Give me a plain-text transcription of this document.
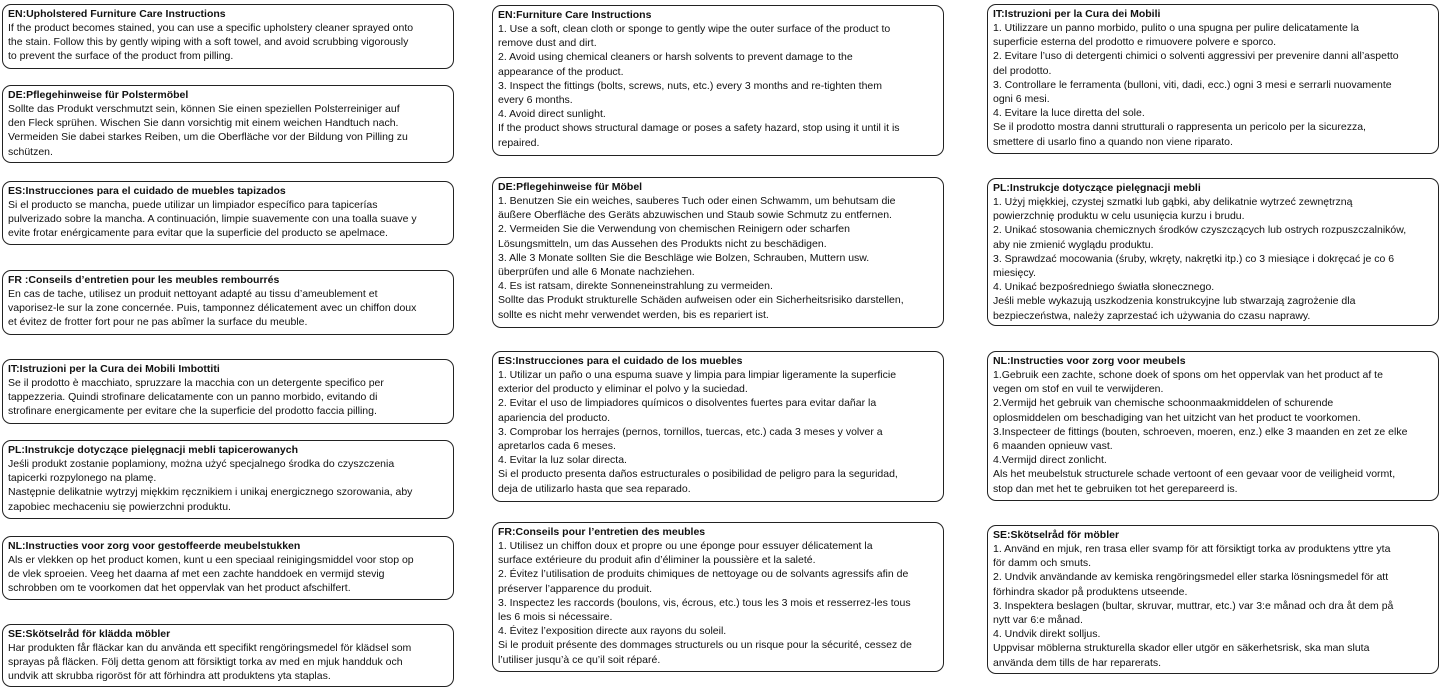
EN:Upholstered Furniture Care Instructions
If the product becomes stained, you can use a specific upholstery cleaner sprayed onto
the stain. Follow this by gently wiping with a soft towel, and avoid scrubbing vigorously
to prevent the surface of the product from pilling.
DE:Pflegehinweise für Polstermöbel
Sollte das Produkt verschmutzt sein, können Sie einen speziellen Polsterreiniger auf
den Fleck sprühen. Wischen Sie dann vorsichtig mit einem weichen Handtuch nach.
Vermeiden Sie dabei starkes Reiben, um die Oberfläche vor der Bildung von Pilling zu
schützen.
ES:Instrucciones para el cuidado de muebles tapizados
Si el producto se mancha, puede utilizar un limpiador específico para tapicerías
pulverizado sobre la mancha. A continuación, limpie suavemente con una toalla suave y
evite frotar enérgicamente para evitar que la superficie del producto se apelmace.
FR :Conseils d’entretien pour les meubles rembourrés
En cas de tache, utilisez un produit nettoyant adapté au tissu d’ameublement et
vaporisez-le sur la zone concernée. Puis, tamponnez délicatement avec un chiffon doux
et évitez de frotter fort pour ne pas abîmer la surface du meuble.
IT:Istruzioni per la Cura dei Mobili Imbottiti
Se il prodotto è macchiato, spruzzare la macchia con un detergente specifico per
tappezzeria. Quindi strofinare delicatamente con un panno morbido, evitando di
strofinare energicamente per evitare che la superficie del prodotto faccia pilling.
PL:Instrukcje dotyczące pielęgnacji mebli tapicerowanych
Jeśli produkt zostanie poplamiony, można użyć specjalnego środka do czyszczenia
tapicerki rozpylonego na plamę.
Następnie delikatnie wytrzyj miękkim ręcznikiem i unikaj energicznego szorowania, aby
zapobiec mechaceniu się powierzchni produktu.
NL:Instructies voor zorg voor gestoffeerde meubelstukken
Als er vlekken op het product komen, kunt u een speciaal reinigingsmiddel voor stop op
de vlek sproeien. Veeg het daarna af met een zachte handdoek en vermijd stevig
schrobben om te voorkomen dat het oppervlak van het product afschilfert.
SE:Skötselråd för klädda möbler
Har produkten får fläckar kan du använda ett specifikt rengöringsmedel för klädsel som
sprayas på fläcken. Följ detta genom att försiktigt torka av med en mjuk handduk och
undvik att skrubba rigoröst för att förhindra att produktens yta staplas.
EN:Furniture Care Instructions
1. Use a soft, clean cloth or sponge to gently wipe the outer surface of the product to
remove dust and dirt.
2. Avoid using chemical cleaners or harsh solvents to prevent damage to the
appearance of the product.
3. Inspect the fittings (bolts, screws, nuts, etc.) every 3 months and re-tighten them
every 6 months.
4. Avoid direct sunlight.
If the product shows structural damage or poses a safety hazard, stop using it until it is
repaired.
DE:Pflegehinweise für Möbel
1. Benutzen Sie ein weiches, sauberes Tuch oder einen Schwamm, um behutsam die
äußere Oberfläche des Geräts abzuwischen und Staub sowie Schmutz zu entfernen.
2. Vermeiden Sie die Verwendung von chemischen Reinigern oder scharfen
Lösungsmitteln, um das Aussehen des Produkts nicht zu beschädigen.
3. Alle 3 Monate sollten Sie die Beschläge wie Bolzen, Schrauben, Muttern usw.
überprüfen und alle 6 Monate nachziehen.
4. Es ist ratsam, direkte Sonneneinstrahlung zu vermeiden.
Sollte das Produkt strukturelle Schäden aufweisen oder ein Sicherheitsrisiko darstellen,
sollte es nicht mehr verwendet werden, bis es repariert ist.
ES:Instrucciones para el cuidado de los muebles
1. Utilizar un paño o una espuma suave y limpia para limpiar ligeramente la superficie
exterior del producto y eliminar el polvo y la suciedad.
2. Evitar el uso de limpiadores químicos o disolventes fuertes para evitar dañar la
apariencia del producto.
3. Comprobar los herrajes (pernos, tornillos, tuercas, etc.) cada 3 meses y volver a
apretarlos cada 6 meses.
4. Evitar la luz solar directa.
Si el producto presenta daños estructurales o posibilidad de peligro para la seguridad,
deja de utilizarlo hasta que sea reparado.
FR:Conseils pour l’entretien des meubles
1. Utilisez un chiffon doux et propre ou une éponge pour essuyer délicatement la
surface extérieure du produit afin d’éliminer la poussière et la saleté.
2. Évitez l’utilisation de produits chimiques de nettoyage ou de solvants agressifs afin de
préserver l’apparence du produit.
3. Inspectez les raccords (boulons, vis, écrous, etc.) tous les 3 mois et resserrez-les tous
les 6 mois si nécessaire.
4. Évitez l’exposition directe aux rayons du soleil.
Si le produit présente des dommages structurels ou un risque pour la sécurité, cessez de
l’utiliser jusqu’à ce qu’il soit réparé.
IT:Istruzioni per la Cura dei Mobili
1. Utilizzare un panno morbido, pulito o una spugna per pulire delicatamente la
superficie esterna del prodotto e rimuovere polvere e sporco.
2. Evitare l’uso di detergenti chimici o solventi aggressivi per prevenire danni all’aspetto
del prodotto.
3. Controllare le ferramenta (bulloni, viti, dadi, ecc.) ogni 3 mesi e serrarli nuovamente
ogni 6 mesi.
4. Evitare la luce diretta del sole.
Se il prodotto mostra danni strutturali o rappresenta un pericolo per la sicurezza,
smettere di usarlo fino a quando non viene riparato.
PL:Instrukcje dotyczące pielęgnacji mebli
1. Użyj miękkiej, czystej szmatki lub gąbki, aby delikatnie wytrzeć zewnętrzną
powierzchnię produktu w celu usunięcia kurzu i brudu.
2. Unikać stosowania chemicznych środków czyszczących lub ostrych rozpuszczalników,
aby nie zmienić wyglądu produktu.
3. Sprawdzać mocowania (śruby, wkręty, nakrętki itp.) co 3 miesiące i dokręcać je co 6
miesięcy.
4. Unikać bezpośredniego światła słonecznego.
Jeśli meble wykazują uszkodzenia konstrukcyjne lub stwarzają zagrożenie dla
bezpieczeństwa, należy zaprzestać ich używania do czasu naprawy.
NL:Instructies voor zorg voor meubels
1.Gebruik een zachte, schone doek of spons om het oppervlak van het product af te
vegen om stof en vuil te verwijderen.
2.Vermijd het gebruik van chemische schoonmaakmiddelen of schurende
oplosmiddelen om beschadiging van het uitzicht van het product te voorkomen.
3.Inspecteer de fittings (bouten, schroeven, moeren, enz.) elke 3 maanden en zet ze elke
6 maanden opnieuw vast.
4.Vermijd direct zonlicht.
Als het meubelstuk structurele schade vertoont of een gevaar voor de veiligheid vormt,
stop dan met het te gebruiken tot het gerepareerd is.
SE:Skötselråd för möbler
1. Använd en mjuk, ren trasa eller svamp för att försiktigt torka av produktens yttre yta
för damm och smuts.
2. Undvik användande av kemiska rengöringsmedel eller starka lösningsmedel för att
förhindra skador på produktens utseende.
3. Inspektera beslagen (bultar, skruvar, muttrar, etc.) var 3:e månad och dra åt dem på
nytt var 6:e månad.
4. Undvik direkt solljus.
Uppvisar möblerna strukturella skador eller utgör en säkerhetsrisk, ska man sluta
använda dem tills de har reparerats.
